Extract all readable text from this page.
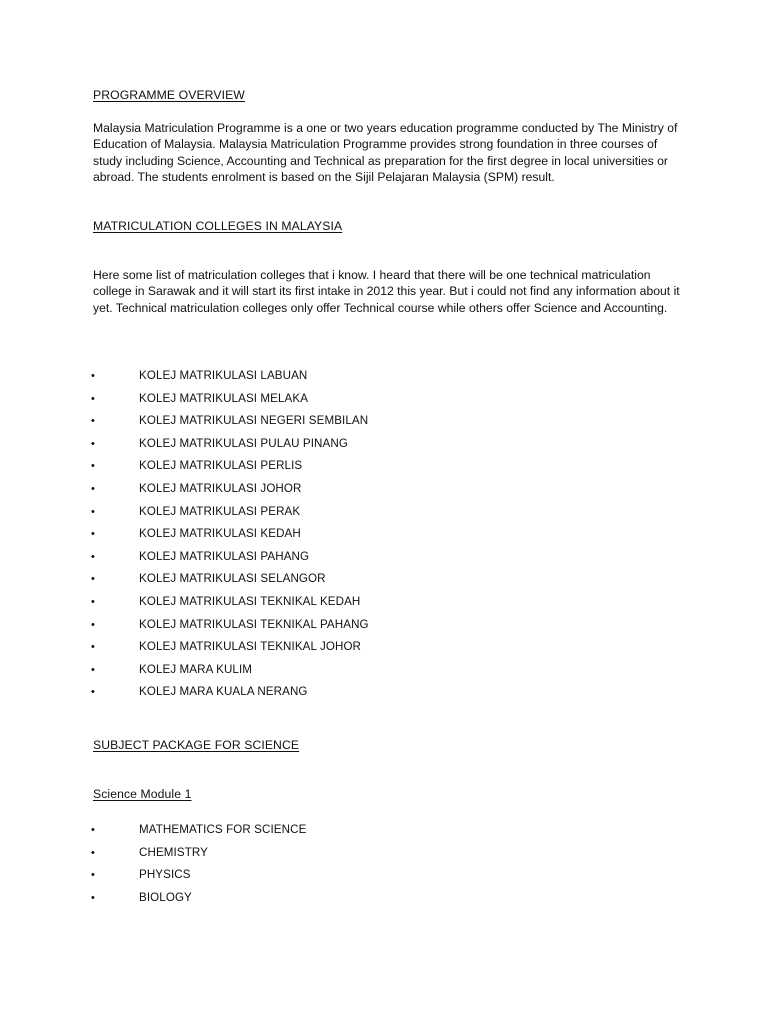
PROGRAMME OVERVIEW

Malaysia Matriculation Programme is a one or two years education programme conducted by The Ministry of Education of Malaysia. Malaysia Matriculation Programme provides strong foundation in three courses of study including Science, Accounting and Technical as preparation for the first degree in local universities or abroad. The students enrolment is based on the Sijil Pelajaran Malaysia (SPM) result.

MATRICULATION COLLEGES IN MALAYSIA

Here some list of matriculation colleges that i know. I heard that there will be one technical matriculation college in Sarawak and it will start its first intake in 2012 this year. But i could not find any information about it yet. Technical matriculation colleges only offer Technical course while others offer Science and Accounting.

•	KOLEJ MATRIKULASI LABUAN
•	KOLEJ MATRIKULASI MELAKA
•	KOLEJ MATRIKULASI NEGERI SEMBILAN
•	KOLEJ MATRIKULASI PULAU PINANG
•	KOLEJ MATRIKULASI PERLIS
•	KOLEJ MATRIKULASI JOHOR
•	KOLEJ MATRIKULASI PERAK
•	KOLEJ MATRIKULASI KEDAH
•	KOLEJ MATRIKULASI PAHANG
•	KOLEJ MATRIKULASI SELANGOR
•	KOLEJ MATRIKULASI TEKNIKAL KEDAH
•	KOLEJ MATRIKULASI TEKNIKAL PAHANG
•	KOLEJ MATRIKULASI TEKNIKAL JOHOR
•	KOLEJ MARA KULIM
•	KOLEJ MARA KUALA NERANG
SUBJECT PACKAGE FOR SCIENCE
Science Module 1
•	MATHEMATICS FOR SCIENCE
•	CHEMISTRY
•	PHYSICS
•	BIOLOGY
